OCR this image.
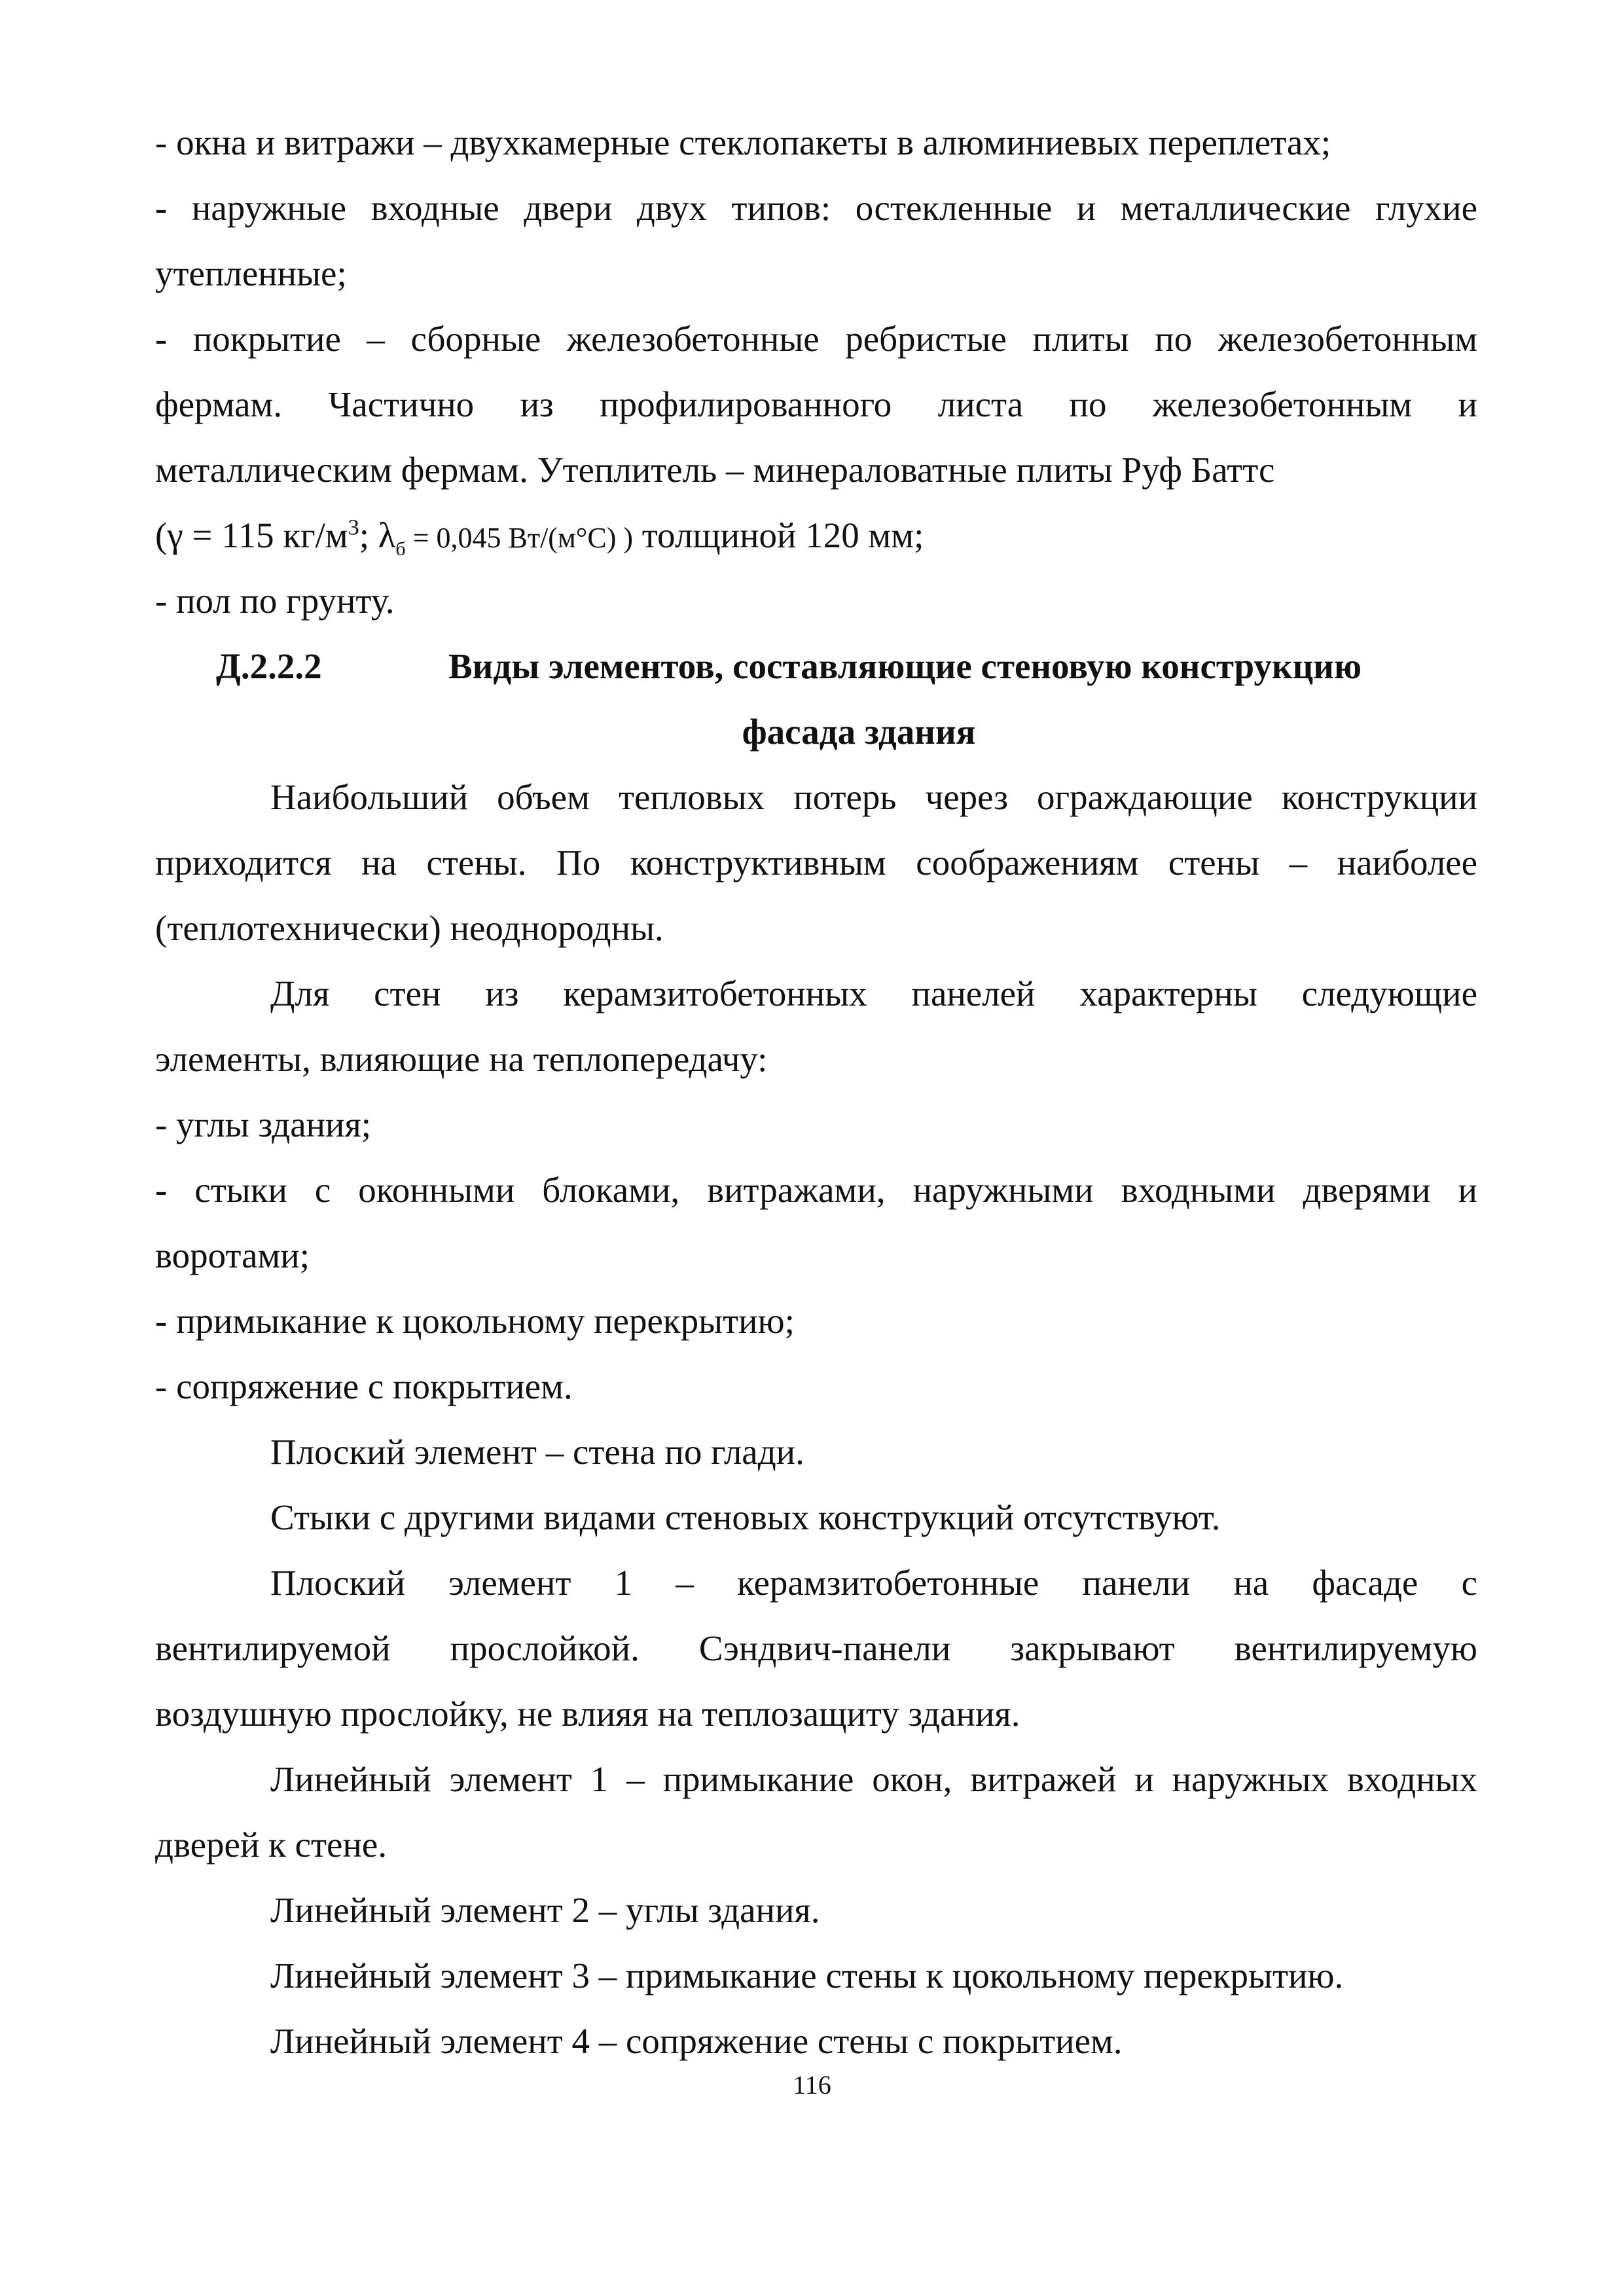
- окна и витражи – двухкамерные стеклопакеты в алюминиевых переплетах;
- наружные входные двери двух типов: остекленные и металлические глухие
утепленные;
- покрытие – сборные железобетонные ребристые плиты по железобетонным
фермам. Частично из профилированного листа по железобетонным и
металлическим фермам. Утеплитель – минераловатные плиты Руф Баттс
(γ = 115 $кг/м^3$; $\lambda_б = 0,045$ Вт/(м°С) ) толщиной 120 мм;
- пол по грунту.
Д.2.2.2	Виды элементов, составляющие стеновую конструкцию
фасада здания
Наибольший объем тепловых потерь через ограждающие конструкции
приходится на стены. По конструктивным соображениям стены – наиболее
(теплотехнически) неоднородны.
Для стен из керамзитобетонных панелей характерны следующие
элементы, влияющие на теплопередачу:
- углы здания;
- стыки с оконными блоками, витражами, наружными входными дверями и
воротами;
- примыкание к цокольному перекрытию;
- сопряжение с покрытием.
Плоский элемент – стена по глади.
Стыки с другими видами стеновых конструкций отсутствуют.
Плоский элемент 1 – керамзитобетонные панели на фасаде с
вентилируемой прослойкой. Сэндвич-панели закрывают вентилируемую
воздушную прослойку, не влияя на теплозащиту здания.
Линейный элемент 1 – примыкание окон, витражей и наружных входных
дверей к стене.
Линейный элемент 2 – углы здания.
Линейный элемент 3 – примыкание стены к цокольному перекрытию.
Линейный элемент 4 – сопряжение стены с покрытием.
116
